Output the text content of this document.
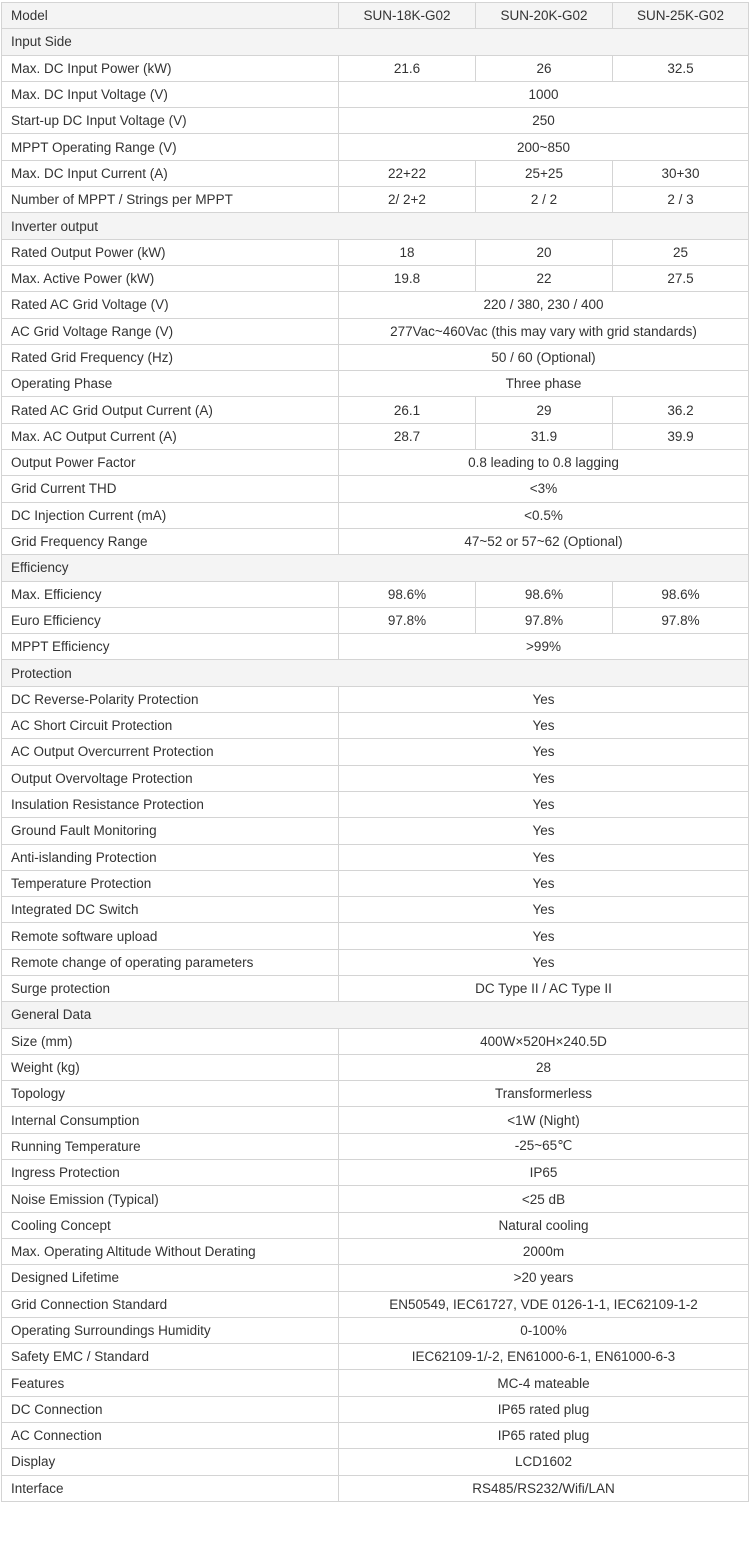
Model	SUN-18K-G02	SUN-20K-G02	SUN-25K-G02
Input Side			
Max. DC Input Power (kW)	21.6	26	32.5
Max. DC Input Voltage (V)	1000		
Start-up DC Input Voltage (V)	250		
MPPT Operating Range (V)	200~850		
Max. DC Input Current (A)	22+22	25+25	30+30
Number of MPPT / Strings per MPPT	2/ 2+2	2 / 2	2 / 3
Inverter output			
Rated Output Power (kW)	18	20	25
Max. Active Power (kW)	19.8	22	27.5
Rated AC Grid Voltage (V)	220 / 380, 230 / 400		
AC Grid Voltage Range (V)	277Vac~460Vac (this may vary with grid standards)		
Rated Grid Frequency (Hz)	50 / 60 (Optional)		
Operating Phase	Three phase		
Rated AC Grid Output Current (A)	26.1	29	36.2
Max. AC Output Current (A)	28.7	31.9	39.9
Output Power Factor	0.8 leading to 0.8 lagging		
Grid Current THD	<3%		
DC Injection Current (mA)	<0.5%		
Grid Frequency Range	47~52 or 57~62 (Optional)		
Efficiency			
Max. Efficiency	98.6%	98.6%	98.6%
Euro Efficiency	97.8%	97.8%	97.8%
MPPT Efficiency	>99%		
Protection			
DC Reverse-Polarity Protection	Yes		
AC Short Circuit Protection	Yes		
AC Output Overcurrent Protection	Yes		
Output Overvoltage Protection	Yes		
Insulation Resistance Protection	Yes		
Ground Fault Monitoring	Yes		
Anti-islanding Protection	Yes		
Temperature Protection	Yes		
Integrated DC Switch	Yes		
Remote software upload	Yes		
Remote change of operating parameters	Yes		
Surge protection	DC Type II / AC Type II		
General Data			
Size (mm)	400W×520H×240.5D		
Weight (kg)	28		
Topology	Transformerless		
Internal Consumption	<1W (Night)		
Running Temperature	-25~65℃		
Ingress Protection	IP65		
Noise Emission (Typical)	<25 dB		
Cooling Concept	Natural cooling		
Max. Operating Altitude Without Derating	2000m		
Designed Lifetime	>20 years		
Grid Connection Standard	EN50549, IEC61727, VDE 0126-1-1, IEC62109-1-2		
Operating Surroundings Humidity	0-100%		
Safety EMC / Standard	IEC62109-1/-2, EN61000-6-1, EN61000-6-3		
Features	MC-4 mateable		
DC Connection	IP65 rated plug		
AC Connection	IP65 rated plug		
Display	LCD1602		
Interface	RS485/RS232/Wifi/LAN		
